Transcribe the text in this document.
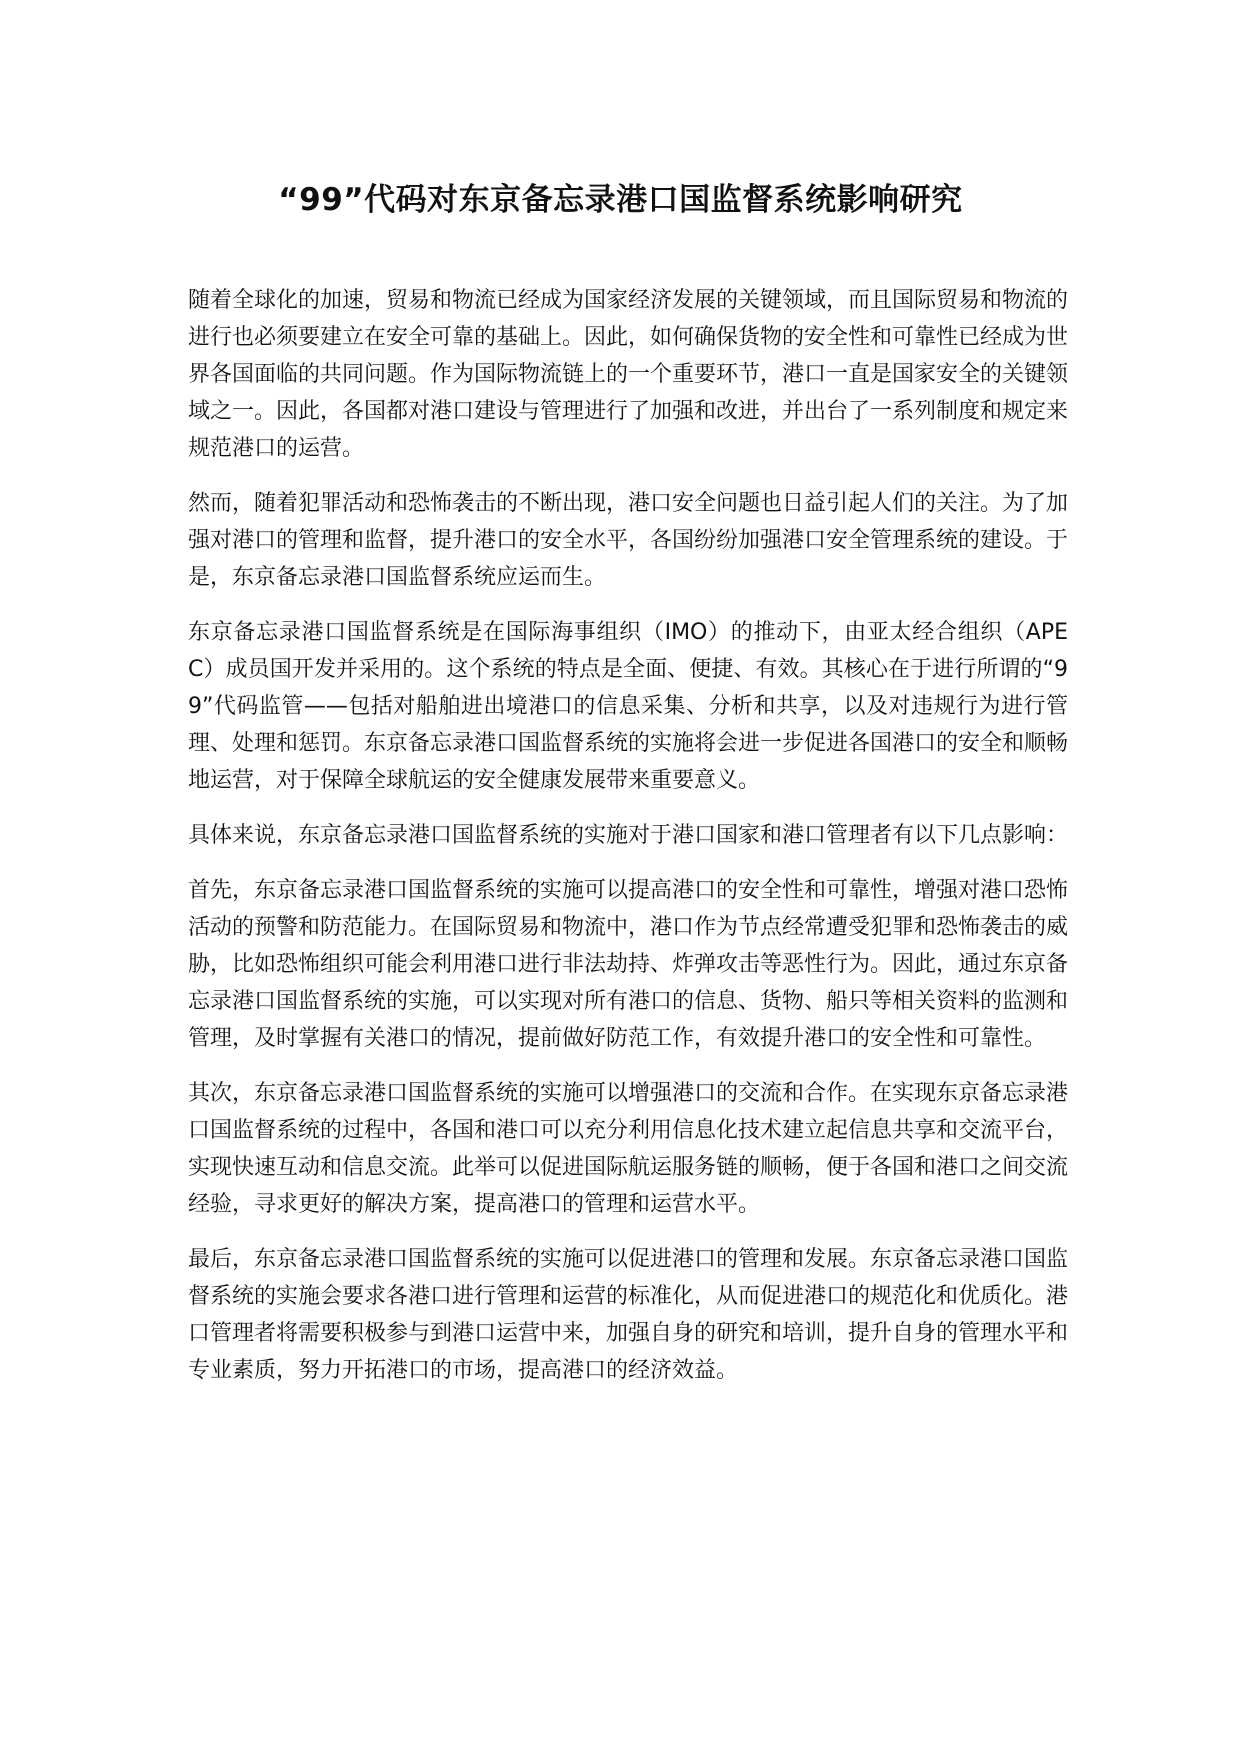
“99”代码对东京备忘录港口国监督系统影响研究

随着全球化的加速，贸易和物流已经成为国家经济发展的关键领域，而且国际贸易和物流的进行也必须要建立在安全可靠的基础上。因此，如何确保货物的安全性和可靠性已经成为世界各国面临的共同问题。作为国际物流链上的一个重要环节，港口一直是国家安全的关键领域之一。因此，各国都对港口建设与管理进行了加强和改进，并出台了一系列制度和规定来规范港口的运营。

然而，随着犯罪活动和恐怖袭击的不断出现，港口安全问题也日益引起人们的关注。为了加强对港口的管理和监督，提升港口的安全水平，各国纷纷加强港口安全管理系统的建设。于是，东京备忘录港口国监督系统应运而生。

东京备忘录港口国监督系统是在国际海事组织（IMO）的推动下，由亚太经合组织（APEC）成员国开发并采用的。这个系统的特点是全面、便捷、有效。其核心在于进行所谓的“99”代码监管——包括对船舶进出境港口的信息采集、分析和共享，以及对违规行为进行管理、处理和惩罚。东京备忘录港口国监督系统的实施将会进一步促进各国港口的安全和顺畅地运营，对于保障全球航运的安全健康发展带来重要意义。

具体来说，东京备忘录港口国监督系统的实施对于港口国家和港口管理者有以下几点影响：

首先，东京备忘录港口国监督系统的实施可以提高港口的安全性和可靠性，增强对港口恐怖活动的预警和防范能力。在国际贸易和物流中，港口作为节点经常遭受犯罪和恐怖袭击的威胁，比如恐怖组织可能会利用港口进行非法劫持、炸弹攻击等恶性行为。因此，通过东京备忘录港口国监督系统的实施，可以实现对所有港口的信息、货物、船只等相关资料的监测和管理，及时掌握有关港口的情况，提前做好防范工作，有效提升港口的安全性和可靠性。

其次，东京备忘录港口国监督系统的实施可以增强港口的交流和合作。在实现东京备忘录港口国监督系统的过程中，各国和港口可以充分利用信息化技术建立起信息共享和交流平台，实现快速互动和信息交流。此举可以促进国际航运服务链的顺畅，便于各国和港口之间交流经验，寻求更好的解决方案，提高港口的管理和运营水平。

最后，东京备忘录港口国监督系统的实施可以促进港口的管理和发展。东京备忘录港口国监督系统的实施会要求各港口进行管理和运营的标准化，从而促进港口的规范化和优质化。港口管理者将需要积极参与到港口运营中来，加强自身的研究和培训，提升自身的管理水平和专业素质，努力开拓港口的市场，提高港口的经济效益。
